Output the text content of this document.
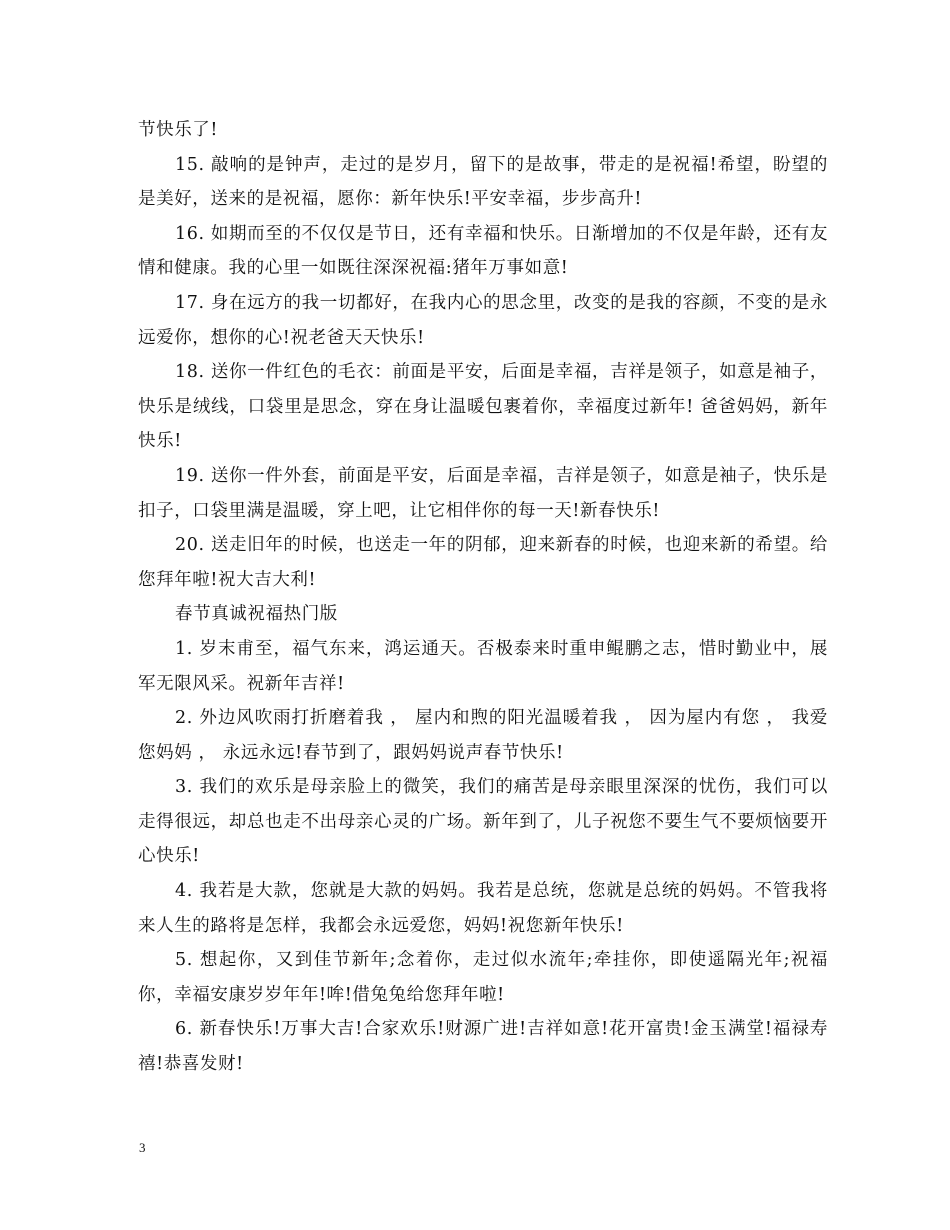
节快乐了!

15. 敲响的是钟声，走过的是岁月，留下的是故事，带走的是祝福!希望，盼望的是美好，送来的是祝福，愿你：新年快乐!平安幸福，步步高升!

16. 如期而至的不仅仅是节日，还有幸福和快乐。日渐增加的不仅是年龄，还有友情和健康。我的心里一如既往深深祝福:猪年万事如意!

17. 身在远方的我一切都好，在我内心的思念里，改变的是我的容颜，不变的是永远爱你，想你的心!祝老爸天天快乐!

18. 送你一件红色的毛衣：前面是平安，后面是幸福，吉祥是领子，如意是袖子，快乐是绒线，口袋里是思念，穿在身让温暖包裹着你，幸福度过新年! 爸爸妈妈，新年快乐!

19. 送你一件外套，前面是平安，后面是幸福，吉祥是领子，如意是袖子，快乐是扣子，口袋里满是温暖，穿上吧，让它相伴你的每一天!新春快乐!

20. 送走旧年的时候，也送走一年的阴郁，迎来新春的时候，也迎来新的希望。给您拜年啦!祝大吉大利!

春节真诚祝福热门版

1. 岁末甫至，福气东来，鸿运通天。否极泰来时重申鲲鹏之志，惜时勤业中，展军无限风采。祝新年吉祥!

2. 外边风吹雨打折磨着我 ， 屋内和煦的阳光温暖着我 ， 因为屋内有您 ， 我爱您妈妈 ， 永远永远!春节到了，跟妈妈说声春节快乐!

3. 我们的欢乐是母亲脸上的微笑，我们的痛苦是母亲眼里深深的忧伤，我们可以走得很远，却总也走不出母亲心灵的广场。新年到了，儿子祝您不要生气不要烦恼要开心快乐!

4. 我若是大款，您就是大款的妈妈。我若是总统，您就是总统的妈妈。不管我将来人生的路将是怎样，我都会永远爱您，妈妈!祝您新年快乐!

5. 想起你，又到佳节新年;念着你，走过似水流年;牵挂你，即使遥隔光年;祝福你，幸福安康岁岁年年!哞!借兔兔给您拜年啦!

6. 新春快乐!万事大吉!合家欢乐!财源广进!吉祥如意!花开富贵!金玉满堂!福禄寿禧!恭喜发财!

3
